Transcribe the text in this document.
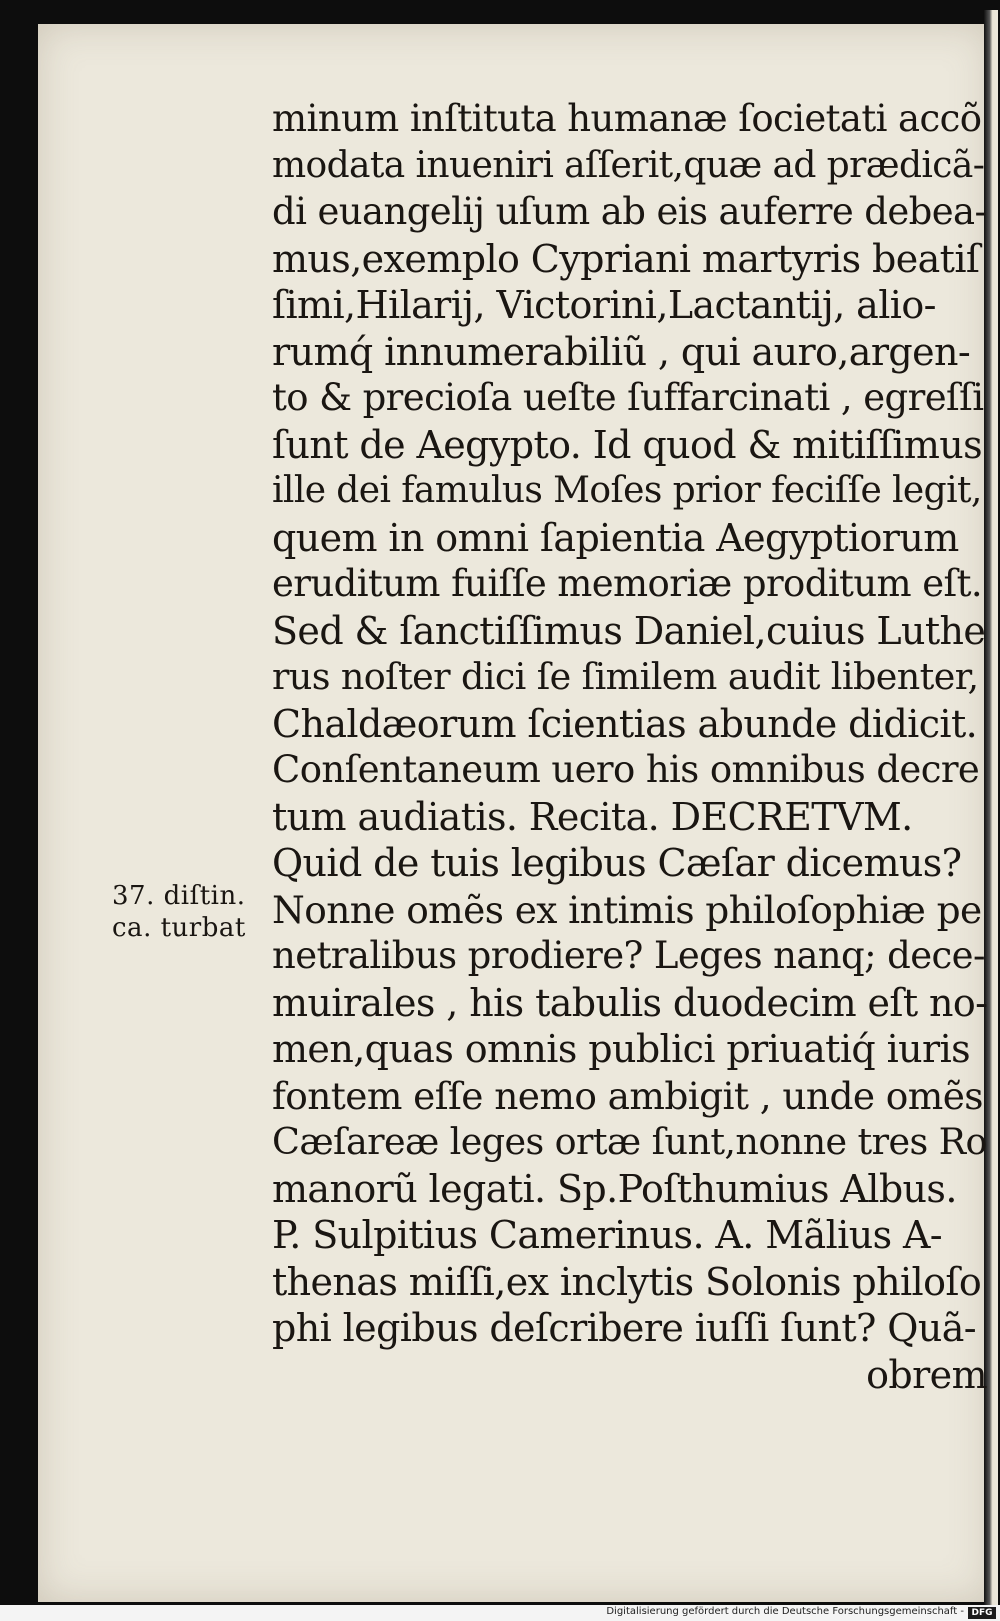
minum inſtituta humanæ ſocietati accõ
modata inueniri aſſerit,quæ ad prædicã-
di euangelij uſum ab eis auferre debea-
mus,exemplo Cypriani martyris beatiſ
ſimi,Hilarij, Victorini,Lactantij, alio-
rumq́ innumerabiliũ , qui auro,argen-
to & precioſa ueſte ſuffarcinati , egreſſi
ſunt de Aegypto. Id quod & mitiſſimus
ille dei famulus Moſes prior feciſſe legit,
quem in omni ſapientia Aegyptiorum
eruditum fuiſſe memoriæ proditum eſt.
Sed & ſanctiſſimus Daniel,cuius Luthe
rus noſter dici ſe ſimilem audit libenter,
Chaldæorum ſcientias abunde didicit.
Conſentaneum uero his omnibus decre
tum audiatis. Recita. DECRETVM.
Quid de tuis legibus Cæſar dicemus?
Nonne omẽs ex intimis philoſophiæ pe
netralibus prodiere? Leges nanq; dece-
muirales , his tabulis duodecim eſt no-
men,quas omnis publici priuatiq́ iuris
fontem eſſe nemo ambigit , unde omẽs
Cæſareæ leges ortæ ſunt,nonne tres Ro
manorũ legati. Sp.Poſthumius Albus.
P. Sulpitius Camerinus. A. Mãlius A-
thenas miſſi,ex inclytis Solonis philoſo
phi legibus deſcribere iuſſi ſunt? Quã-
obrem
37. diſtin.
ca. turbat
Digitalisierung gefördert durch die Deutsche Forschungsgemeinschaft - DFG
